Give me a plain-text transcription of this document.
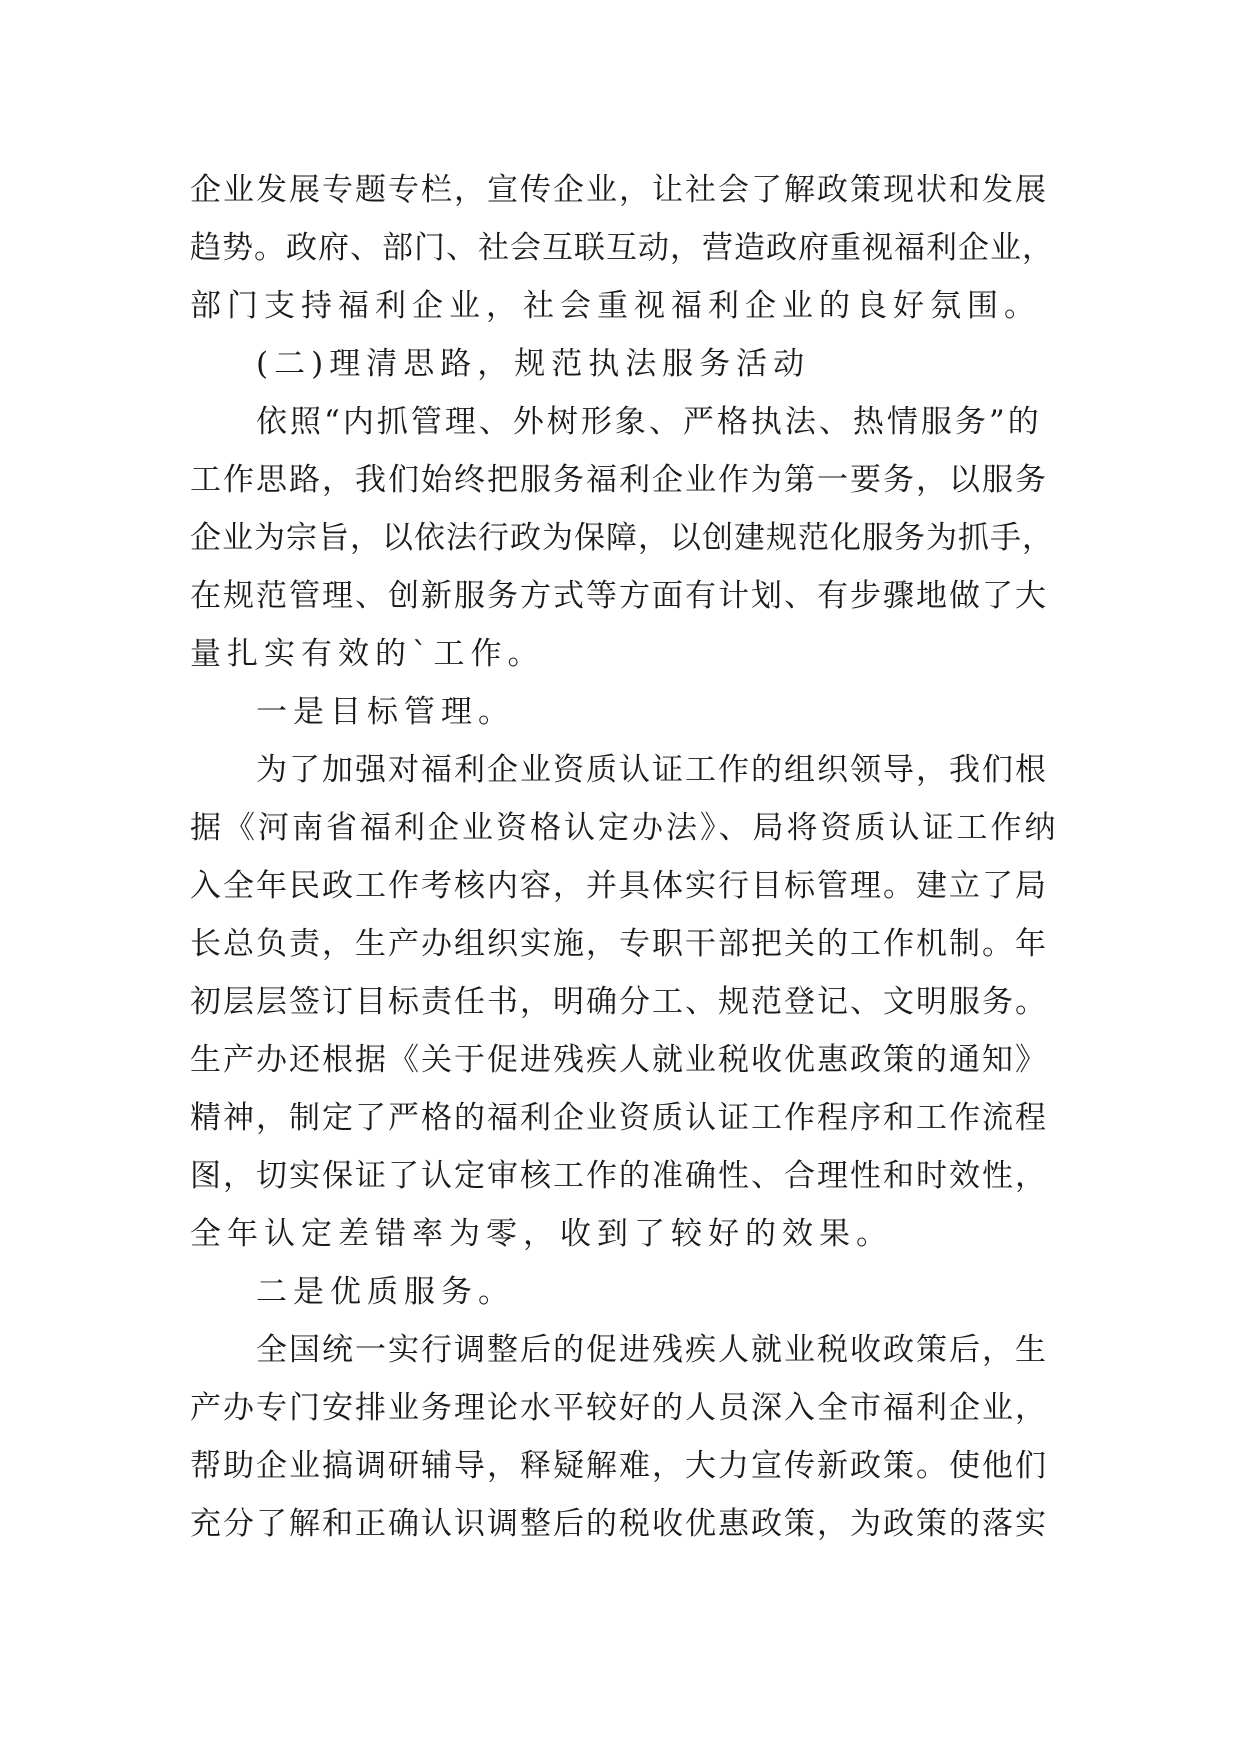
企业发展专题专栏，宣传企业，让社会了解政策现状和发展
趋势。政府、部门、社会互联互动，营造政府重视福利企业，
部门支持福利企业，社会重视福利企业的良好氛围。
(二)理清思路，规范执法服务活动
依照“内抓管理、外树形象、严格执法、热情服务”的
工作思路，我们始终把服务福利企业作为第一要务，以服务
企业为宗旨，以依法行政为保障，以创建规范化服务为抓手，
在规范管理、创新服务方式等方面有计划、有步骤地做了大
量扎实有效的`工作。
一是目标管理。
为了加强对福利企业资质认证工作的组织领导，我们根
据《河南省福利企业资格认定办法》、局将资质认证工作纳
入全年民政工作考核内容，并具体实行目标管理。建立了局
长总负责，生产办组织实施，专职干部把关的工作机制。年
初层层签订目标责任书，明确分工、规范登记、文明服务。
生产办还根据《关于促进残疾人就业税收优惠政策的通知》
精神，制定了严格的福利企业资质认证工作程序和工作流程
图，切实保证了认定审核工作的准确性、合理性和时效性，
全年认定差错率为零，收到了较好的效果。
二是优质服务。
全国统一实行调整后的促进残疾人就业税收政策后，生
产办专门安排业务理论水平较好的人员深入全市福利企业，
帮助企业搞调研辅导，释疑解难，大力宣传新政策。使他们
充分了解和正确认识调整后的税收优惠政策，为政策的落实
